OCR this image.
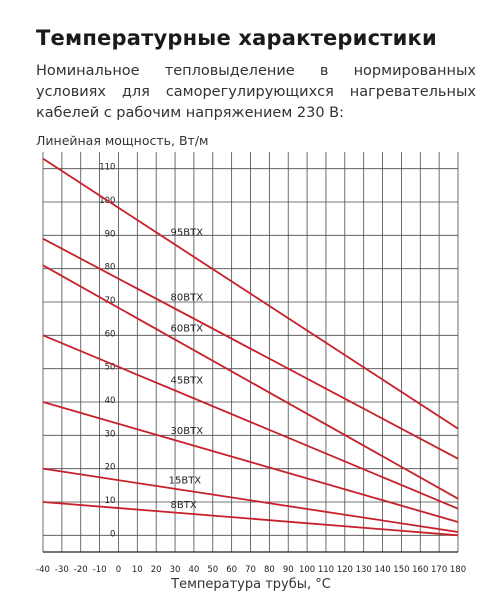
Температурные характеристики
Номинальное тепловыделение в нормированных условиях для саморегулирующихся нагревательных кабелей с рабочим напряжением 230 В:
Линейная мощность, Вт/м
Температура трубы, °C
-40 -30 -20 -10 0 10 20 30 40 50 60 70 80 90 100 110 120 130 140 150 160 170 180
0
10
20
30
40
50
60
70
80
90
100
110
95BTX
80BTX
60BTX
45BTX
30BTX
15BTX
8BTX
